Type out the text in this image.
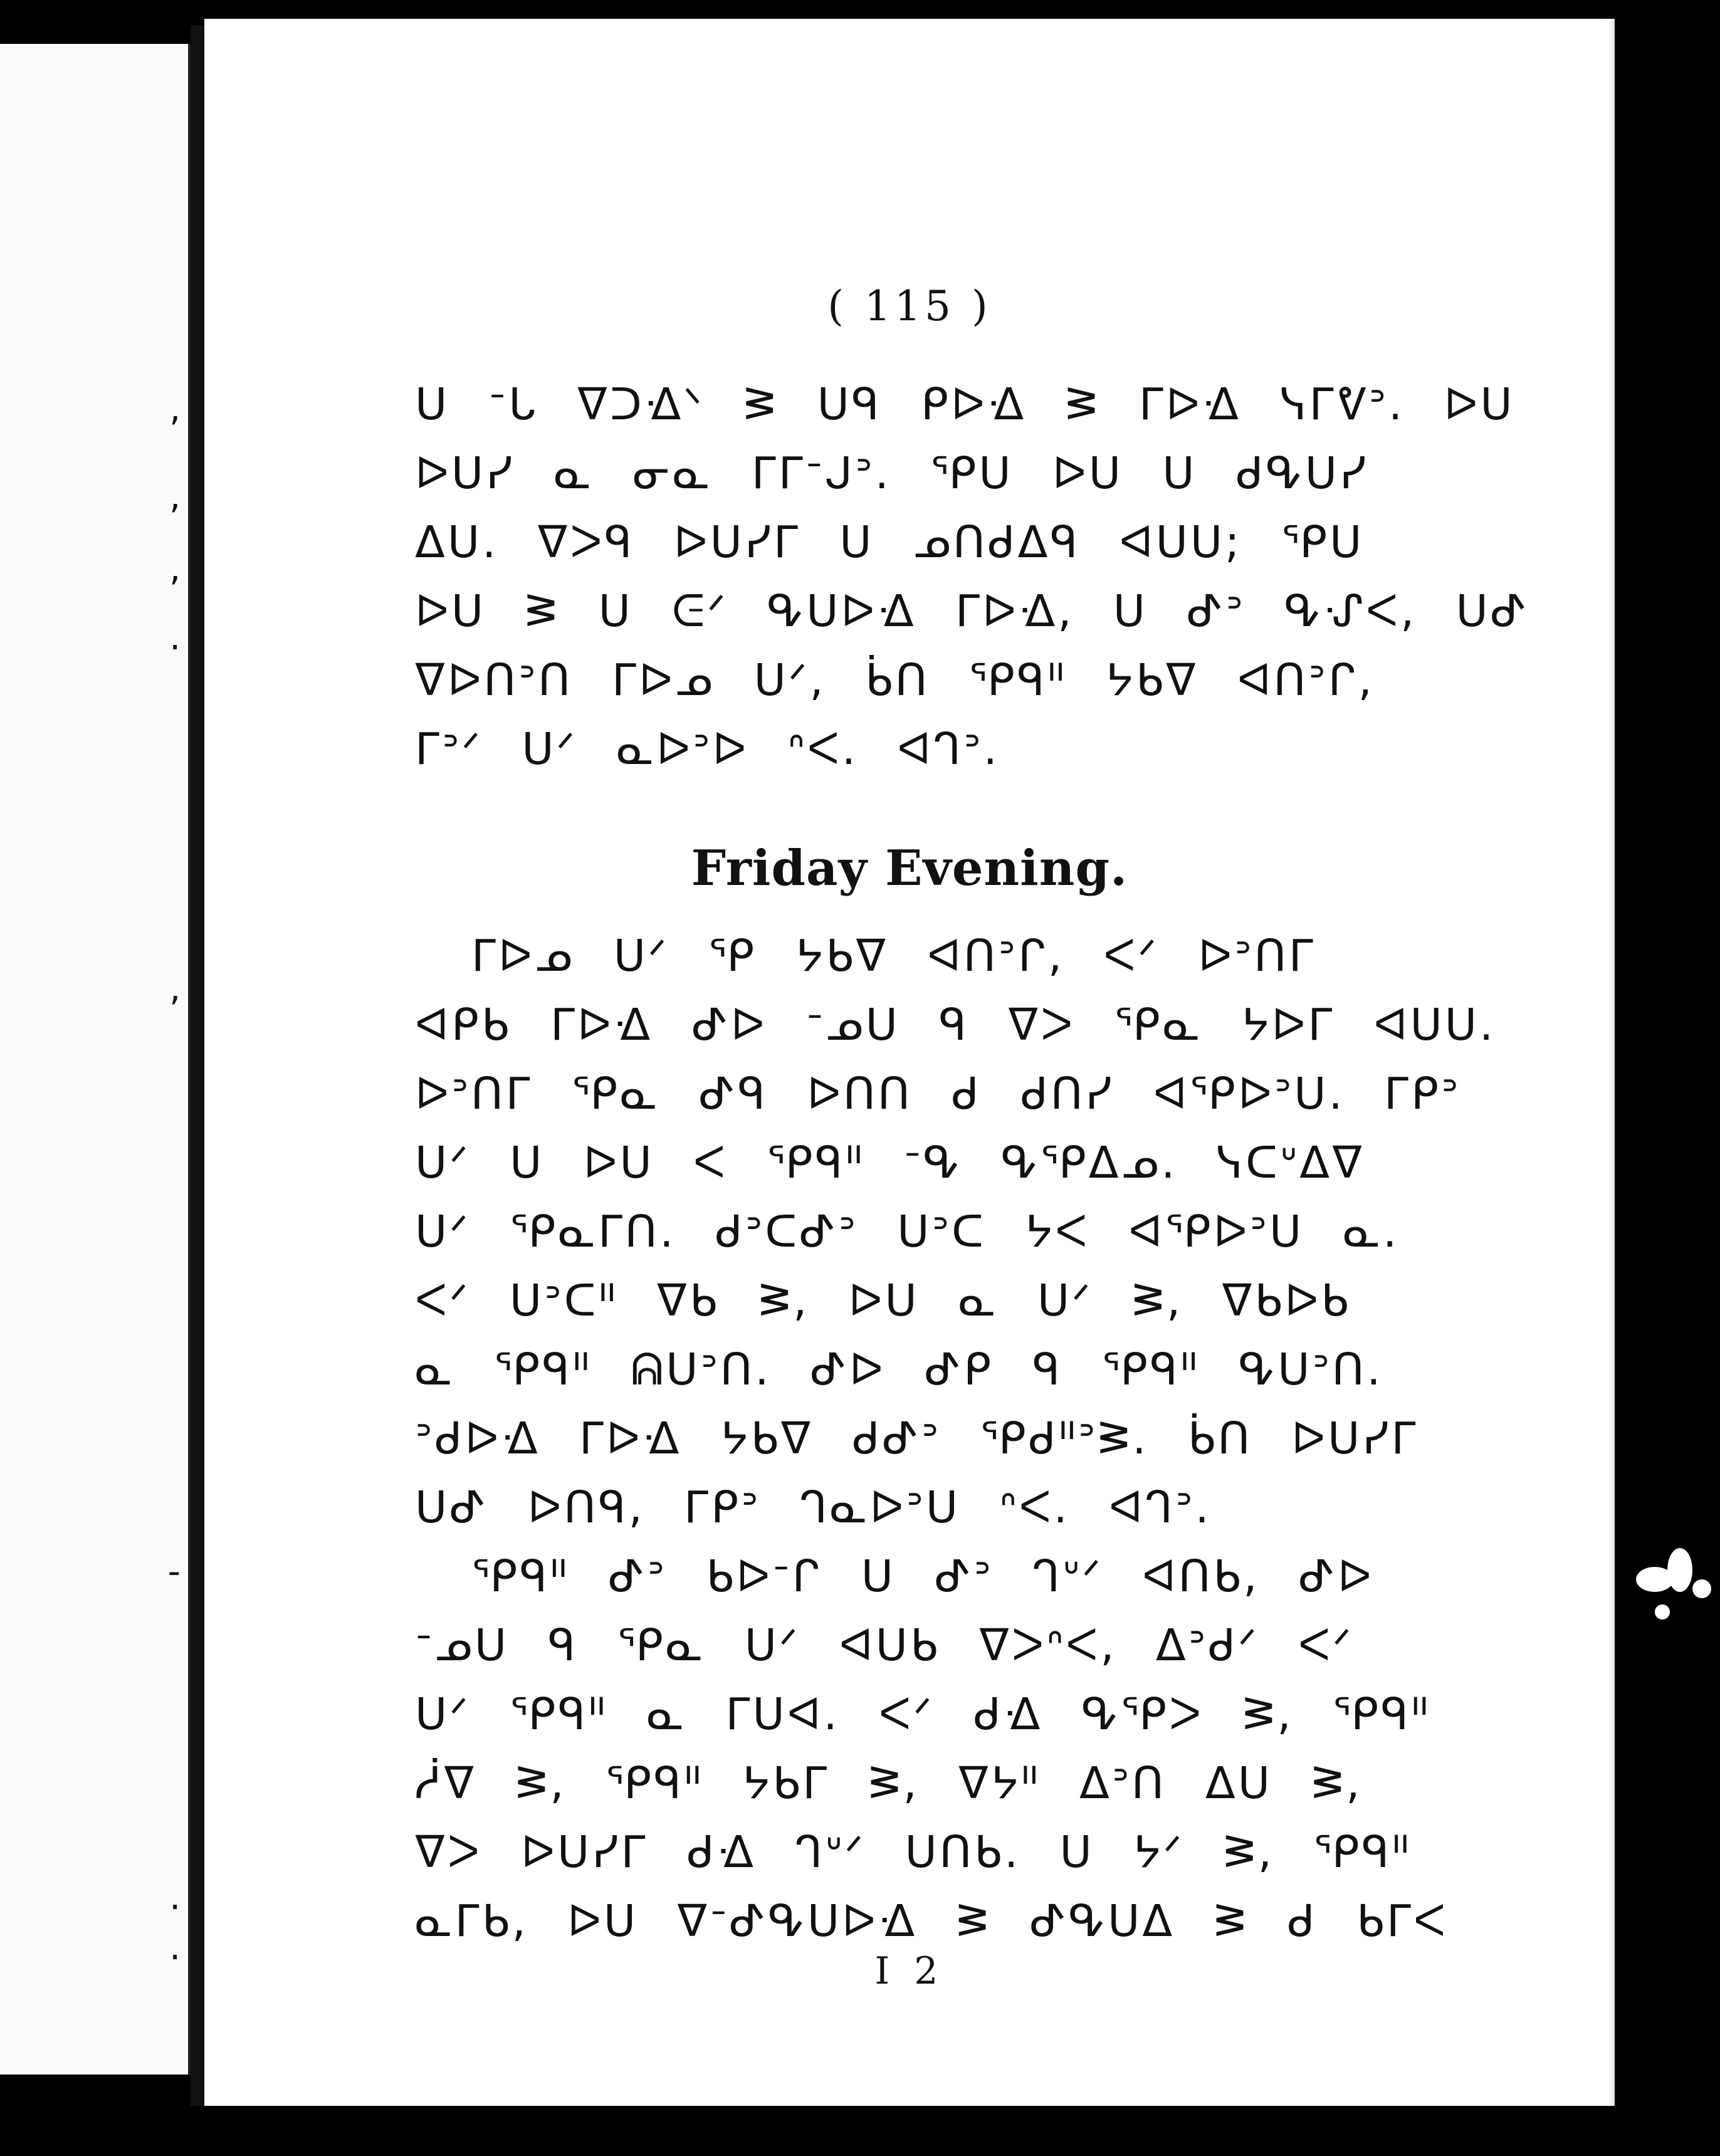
,
,
,
.
,
-
.
.
( 115 )
ᑌ ᐨᒐ ᐁᑐᐎᐠ ᕒ ᑌᑫ ᑭᐅᐎ ᕒ ᒥᐅᐎ ᓭᒥᕓᐣ. ᐅᑌ
ᐅᑌᓯ ᓇ ᓂᓇ ᒥᒥᐨᒍᐣ. ᕿᑌ ᐅᑌ ᑌ ᑯᕴᑌᓯ
ᐃᑌ. ᐁᐳᑫ ᐅᑌᓯᒥ ᑌ ᓄᑎᑯᐃᑫ ᐊᑌᑌ; ᕿᑌ
ᐅᑌ ᕒ ᑌ ᕮᐟ ᕴᑌᐅᐎ ᒥᐅᐎ, ᑌ ᕷᐣ ᕴᔙᐸ, ᑌᕷ
ᐁᐅᑎᐣᑎ ᒥᐅᓄ ᑌᐟ, ᑳᑎ ᕿᑫᐦ ᔭᑲᐁ ᐊᑎᐣᒋ,
ᒥᐣᐟ ᑌᐟ ᓇᐅᐣᐅ ᐢᐸ. ᐊᒉᐣ.
Friday Evening.
ᒥᐅᓄ ᑌᐟ ᕿ ᔭᑲᐁ ᐊᑎᐣᒋ, ᐸᐟ ᐅᐣᑎᒥ
ᐊᑭᑲ ᒥᐅᐎ ᕷᐅ ᐨᓄᑌ ᑫ ᐁᐳ ᕿᓇ ᔭᐅᒥ ᐊᑌᑌ.
ᐅᐣᑎᒥ ᕿᓇ ᕷᑫ ᐅᑎᑎ ᑯ ᑯᑎᓯ ᐊᕿᐅᐣᑌ. ᒥᑭᐣ
ᑌᐟ ᑌ ᐅᑌ ᐸ ᕿᑫᐦ ᐨᕴ ᕴᕿᐃᓄ. ᓭᑕᐡᐃᐁ
ᑌᐟ ᕿᓇᒥᑎ. ᑯᐣᑕᕷᐣ ᑌᐣᑕ ᔭᐸ ᐊᕿᐅᐣᑌ ᓇ.
ᐸᐟ ᑌᐣᑕᐦ ᐁᑲ ᕒ, ᐅᑌ ᓇ ᑌᐟ ᕒ, ᐁᑲᐅᑲ
ᓇ ᕿᑫᐦ ᕱᑌᐣᑎ. ᕷᐅ ᕷᑭ ᑫ ᕿᑫᐦ ᕴᑌᐣᑎ.
ᐣᑯᐅᐎ ᒥᐅᐎ ᔭᑲᐁ ᑯᕷᐣ ᕿᑯᐦᐣᕒ. ᑳᑎ ᐅᑌᓯᒥ
ᑌᕷ ᐅᑎᑫ, ᒥᑭᐣ ᒉᓇᐅᐣᑌ ᐢᐸ. ᐊᒉᐣ.
ᕿᑫᐦ ᕷᐣ ᑲᐅᐨᒋ ᑌ ᕷᐣ ᒉᐡᐟ ᐊᑎᑲ, ᕷᐅ
ᐨᓄᑌ ᑫ ᕿᓇ ᑌᐟ ᐊᑌᑲ ᐁᐳᐢᐸ, ᐃᐣᑯᐟ ᐸᐟ
ᑌᐟ ᕿᑫᐦ ᓇ ᒥᑌᐊ. ᐸᐟ ᑯᐎ ᕴᕿᐳ ᕒ, ᕿᑫᐦ
ᓲᐁ ᕒ, ᕿᑫᐦ ᔭᑲᒥ ᕒ, ᐁᔭᐦ ᐃᐣᑎ ᐃᑌ ᕒ,
ᐁᐳ ᐅᑌᓯᒥ ᑯᐎ ᒉᐡᐟ ᑌᑎᑲ. ᑌ ᔭᐟ ᕒ, ᕿᑫᐦ
ᓇᒥᑲ, ᐅᑌ ᐁᐨᕷᕴᑌᐅᐎ ᕒ ᕷᕴᑌᐃ ᕒ ᑯ ᑲᒥᐸ
I 2
